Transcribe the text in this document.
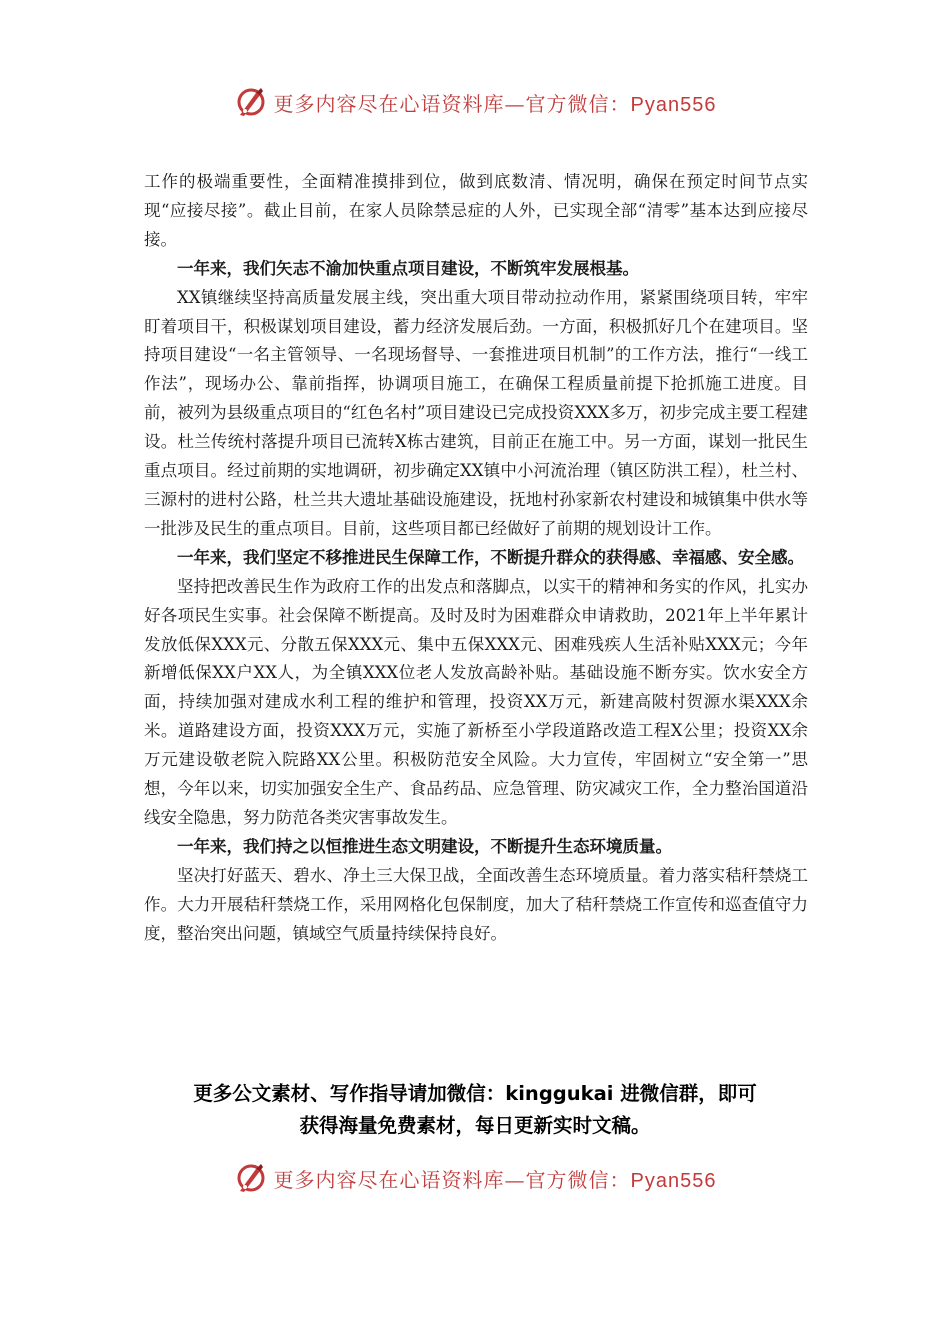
更多内容尽在心语资料库—官方微信：Pyan556

工作的极端重要性，全面精准摸排到位，做到底数清、情况明，确保在预定时间节点实现“应接尽接”。截止目前，在家人员除禁忌症的人外，已实现全部“清零”基本达到应接尽接。

一年来，我们矢志不渝加快重点项目建设，不断筑牢发展根基。

XX镇继续坚持高质量发展主线，突出重大项目带动拉动作用，紧紧围绕项目转，牢牢盯着项目干，积极谋划项目建设，蓄力经济发展后劲。一方面，积极抓好几个在建项目。坚持项目建设“一名主管领导、一名现场督导、一套推进项目机制”的工作方法，推行“一线工作法”，现场办公、靠前指挥，协调项目施工，在确保工程质量前提下抢抓施工进度。目前，被列为县级重点项目的“红色名村”项目建设已完成投资XXX多万，初步完成主要工程建设。杜兰传统村落提升项目已流转X栋古建筑，目前正在施工中。另一方面，谋划一批民生重点项目。经过前期的实地调研，初步确定XX镇中小河流治理（镇区防洪工程），杜兰村、三源村的进村公路，杜兰共大遗址基础设施建设，抚地村孙家新农村建设和城镇集中供水等一批涉及民生的重点项目。目前，这些项目都已经做好了前期的规划设计工作。

一年来，我们坚定不移推进民生保障工作，不断提升群众的获得感、幸福感、安全感。

坚持把改善民生作为政府工作的出发点和落脚点，以实干的精神和务实的作风，扎实办好各项民生实事。社会保障不断提高。及时及时为困难群众申请救助，2021年上半年累计发放低保XXX元、分散五保XXX元、集中五保XXX元、困难残疾人生活补贴XXX元；今年新增低保XX户XX人，为全镇XXX位老人发放高龄补贴。基础设施不断夯实。饮水安全方面，持续加强对建成水利工程的维护和管理，投资XX万元，新建高陂村贺源水渠XXX余米。道路建设方面，投资XXX万元，实施了新桥至小学段道路改造工程X公里；投资XX余万元建设敬老院入院路XX公里。积极防范安全风险。大力宣传，牢固树立“安全第一”思想，今年以来，切实加强安全生产、食品药品、应急管理、防灾减灾工作，全力整治国道沿线安全隐患，努力防范各类灾害事故发生。

一年来，我们持之以恒推进生态文明建设，不断提升生态环境质量。

坚决打好蓝天、碧水、净土三大保卫战，全面改善生态环境质量。着力落实秸秆禁烧工作。大力开展秸秆禁烧工作，采用网格化包保制度，加大了秸秆禁烧工作宣传和巡查值守力度，整治突出问题，镇域空气质量持续保持良好。

更多公文素材、写作指导请加微信：kinggukai 进微信群，即可
获得海量免费素材，每日更新实时文稿。
更多内容尽在心语资料库—官方微信：Pyan556
